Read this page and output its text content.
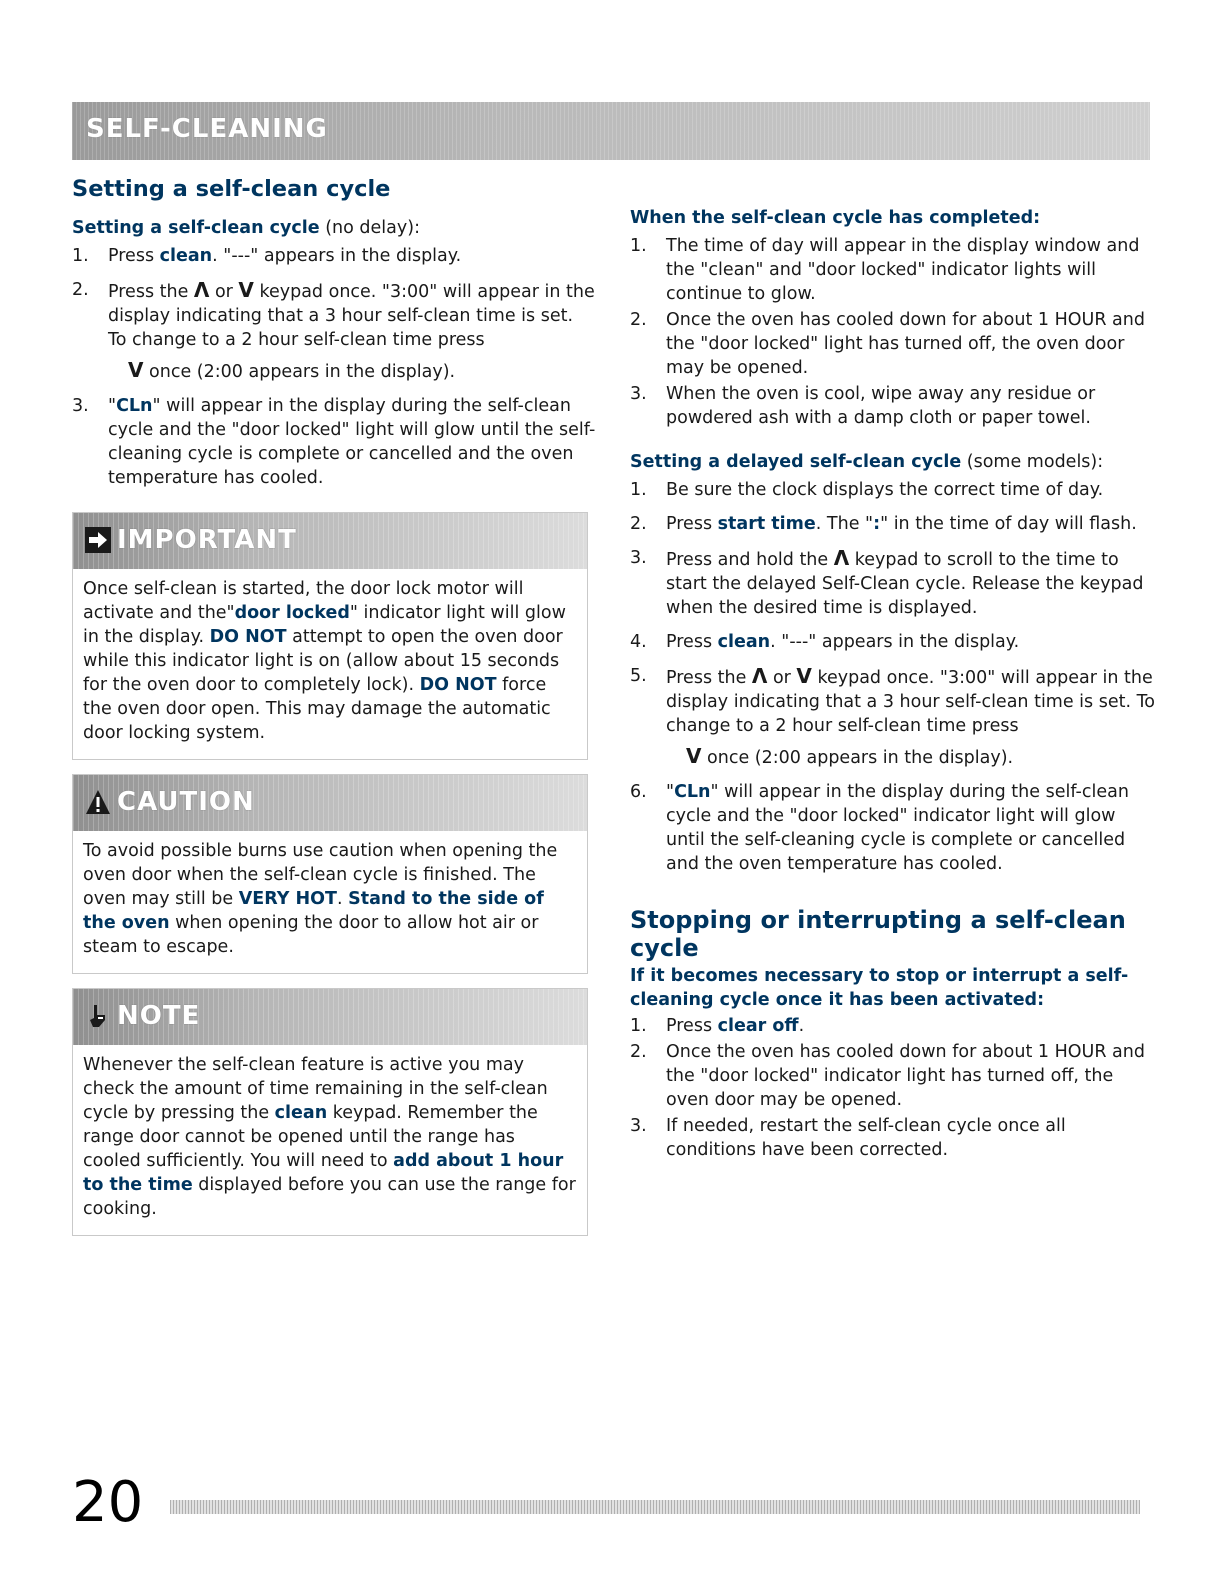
SELF-CLEANING
Setting a self-clean cycle

Setting a self-clean cycle (no delay):

1. Press clean. "---" appears in the display.
2. Press the Λ or V keypad once. "3:00" will appear in the display indicating that a 3 hour self-clean time is set. To change to a 2 hour self-clean time press
V once (2:00 appears in the display).
3. "CLn" will appear in the display during the self-clean cycle and the "door locked" light will glow until the self-cleaning cycle is complete or cancelled and the oven temperature has cooled.
IMPORTANT
Once self-clean is started, the door lock motor will activate and the"door locked" indicator light will glow in the display. DO NOT attempt to open the oven door while this indicator light is on (allow about 15 seconds for the oven door to completely lock). DO NOT force the oven door open. This may damage the automatic door locking system.
CAUTION
To avoid possible burns use caution when opening the oven door when the self-clean cycle is finished. The oven may still be VERY HOT. Stand to the side of the oven when opening the door to allow hot air or steam to escape.
NOTE
Whenever the self-clean feature is active you may check the amount of time remaining in the self-clean cycle by pressing the clean keypad. Remember the range door cannot be opened until the range has cooled sufficiently. You will need to add about 1 hour to the time displayed before you can use the range for cooking.

When the self-clean cycle has completed:

1. The time of day will appear in the display window and the "clean" and "door locked" indicator lights will continue to glow.
2. Once the oven has cooled down for about 1 HOUR and the "door locked" light has turned off, the oven door may be opened.
3. When the oven is cool, wipe away any residue or powdered ash with a damp cloth or paper towel.

Setting a delayed self-clean cycle (some models):

1. Be sure the clock displays the correct time of day.
2. Press start time. The ":" in the time of day will flash.
3. Press and hold the Λ keypad to scroll to the time to start the delayed Self-Clean cycle. Release the keypad when the desired time is displayed.
4. Press clean. "---" appears in the display.
5. Press the Λ or V keypad once. "3:00" will appear in the display indicating that a 3 hour self-clean time is set. To change to a 2 hour self-clean time press
V once (2:00 appears in the display).
6. "CLn" will appear in the display during the self-clean cycle and the "door locked" indicator light will glow until the self-cleaning cycle is complete or cancelled and the oven temperature has cooled.
Stopping or interrupting a self-clean cycle

If it becomes necessary to stop or interrupt a self-cleaning cycle once it has been activated:

1. Press clear off.
2. Once the oven has cooled down for about 1 HOUR and the "door locked" indicator light has turned off, the oven door may be opened.
3. If needed, restart the self-clean cycle once all conditions have been corrected.

20
